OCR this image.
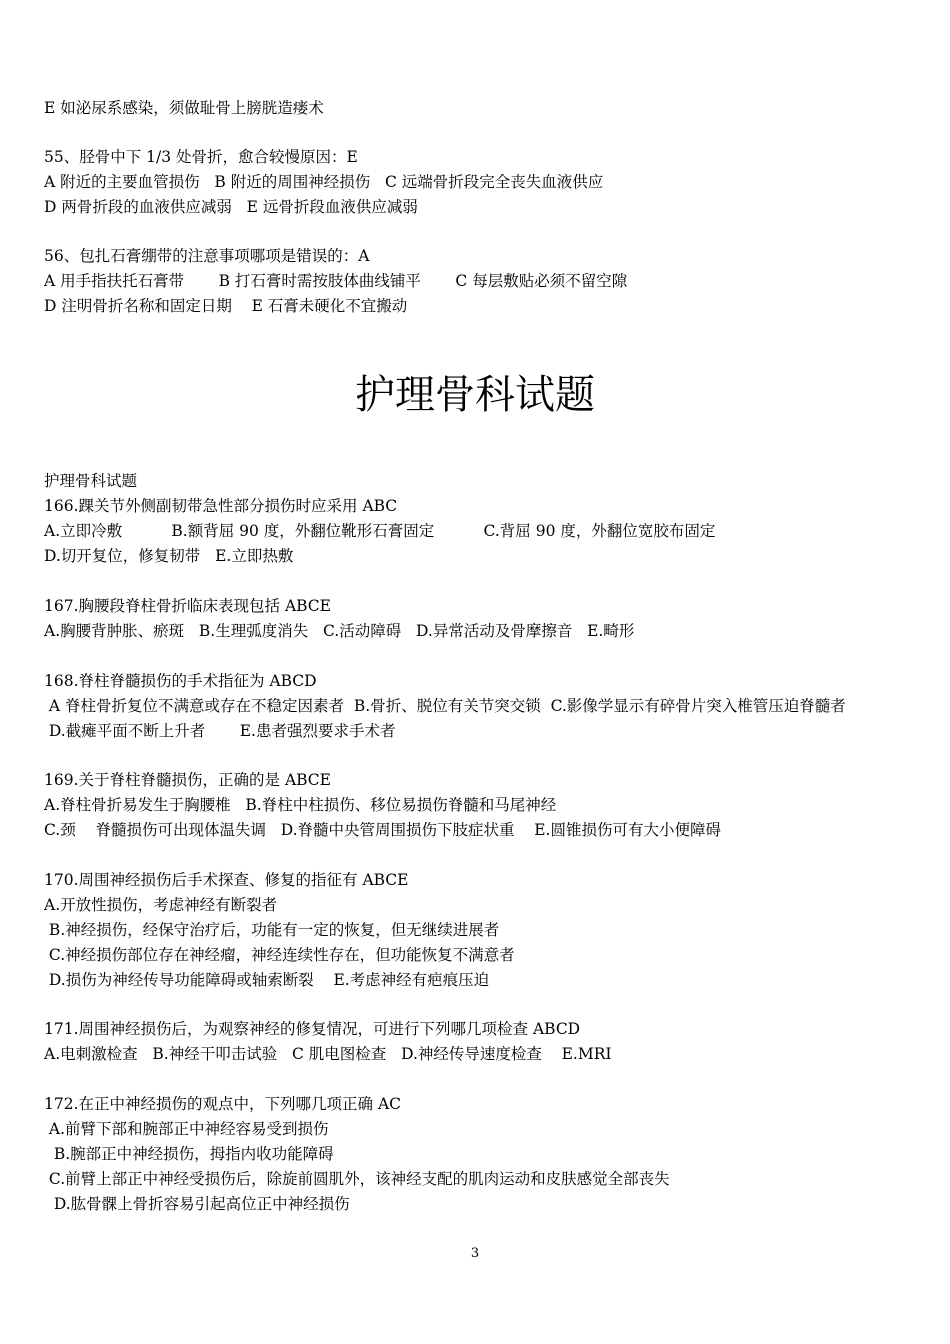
E 如泌尿系感染，须做耻骨上膀胱造瘘术
55、胫骨中下 1/3 处骨折，愈合较慢原因：E
A 附近的主要血管损伤   B 附近的周围神经损伤   C 远端骨折段完全丧失血液供应
D 两骨折段的血液供应减弱   E 远骨折段血液供应减弱
56、包扎石膏绷带的注意事项哪项是错误的：A
A 用手指扶托石膏带       B 打石膏时需按肢体曲线铺平       C 每层敷贴必须不留空隙
D 注明骨折名称和固定日期    E 石膏未硬化不宜搬动
护理骨科试题
护理骨科试题
166.踝关节外侧副韧带急性部分损伤时应采用 ABC
A.立即冷敷          B.额背屈 90 度，外翻位靴形石膏固定          C.背屈 90 度，外翻位宽胶布固定
D.切开复位，修复韧带   E.立即热敷
167.胸腰段脊柱骨折临床表现包括 ABCE
A.胸腰背肿胀、瘀斑   B.生理弧度消失   C.活动障碍   D.异常活动及骨摩擦音   E.畸形
168.脊柱脊髓损伤的手术指征为 ABCD
A 脊柱骨折复位不满意或存在不稳定因素者  B.骨折、脱位有关节突交锁  C.影像学显示有碎骨片突入椎管压迫脊髓者
D.截瘫平面不断上升者       E.患者强烈要求手术者
169.关于脊柱脊髓损伤，正确的是 ABCE
A.脊柱骨折易发生于胸腰椎   B.脊柱中柱损伤、移位易损伤脊髓和马尾神经
C.颈    脊髓损伤可出现体温失调   D.脊髓中央管周围损伤下肢症状重    E.圆锥损伤可有大小便障碍
170.周围神经损伤后手术探查、修复的指征有 ABCE
A.开放性损伤，考虑神经有断裂者
B.神经损伤，经保守治疗后，功能有一定的恢复，但无继续进展者
C.神经损伤部位存在神经瘤，神经连续性存在，但功能恢复不满意者
D.损伤为神经传导功能障碍或轴索断裂    E.考虑神经有疤痕压迫
171.周围神经损伤后，为观察神经的修复情况，可进行下列哪几项检查 ABCD
A.电刺激检查   B.神经干叩击试验   C 肌电图检查   D.神经传导速度检查    E.MRI
172.在正中神经损伤的观点中，下列哪几项正确 AC
A.前臂下部和腕部正中神经容易受到损伤
B.腕部正中神经损伤，拇指内收功能障碍
C.前臂上部正中神经受损伤后，除旋前圆肌外，该神经支配的肌肉运动和皮肤感觉全部丧失
D.肱骨髁上骨折容易引起高位正中神经损伤
3
